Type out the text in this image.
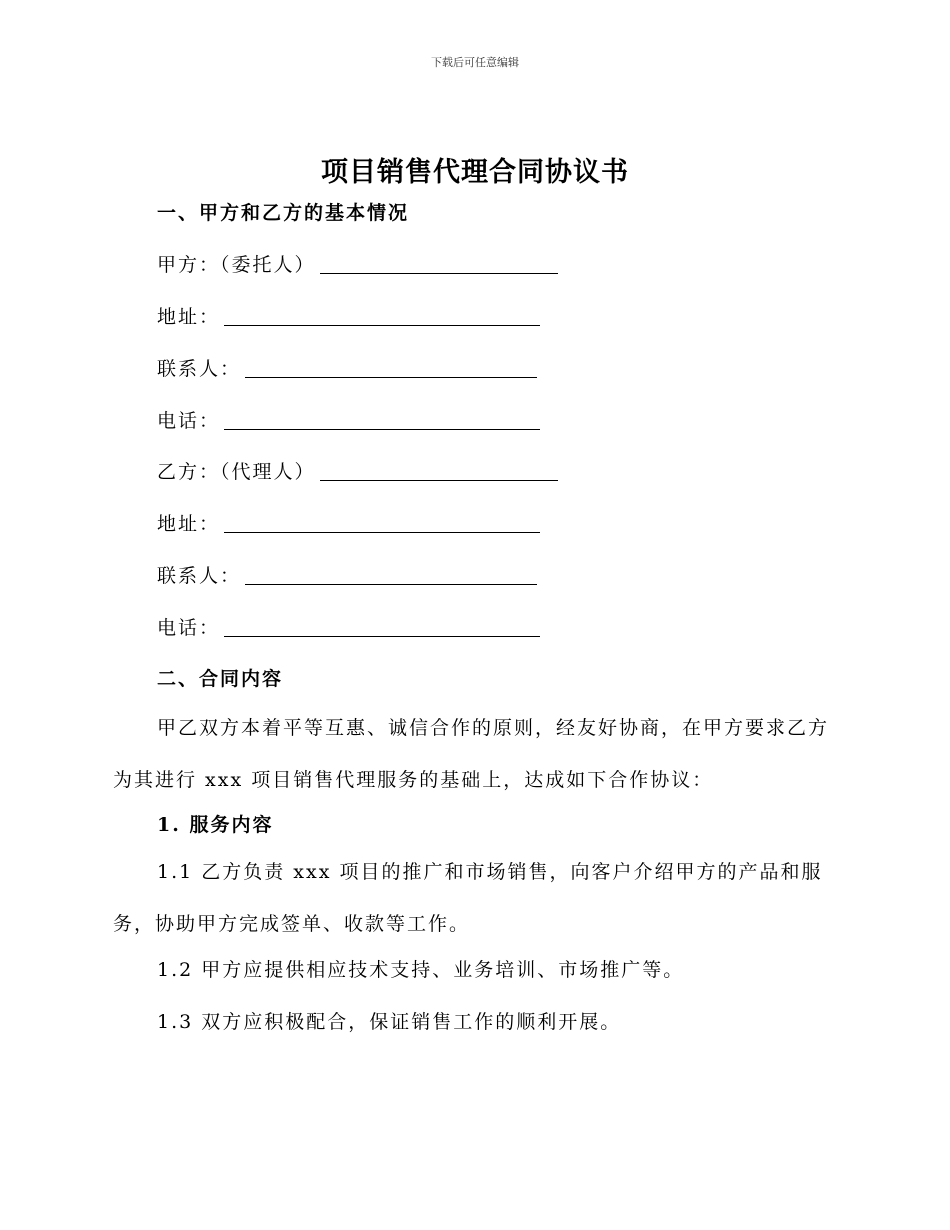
下载后可任意编辑
项目销售代理合同协议书
一、甲方和乙方的基本情况
甲方：（委托人）
地址：
联系人：
电话：
乙方：（代理人）
地址：
联系人：
电话：
二、合同内容
甲乙双方本着平等互惠、诚信合作的原则，经友好协商，在甲方要求乙方为其进行 xxx 项目销售代理服务的基础上，达成如下合作协议：
1. 服务内容
1.1 乙方负责 xxx 项目的推广和市场销售，向客户介绍甲方的产品和服务，协助甲方完成签单、收款等工作。
1.2 甲方应提供相应技术支持、业务培训、市场推广等。
1.3 双方应积极配合，保证销售工作的顺利开展。
